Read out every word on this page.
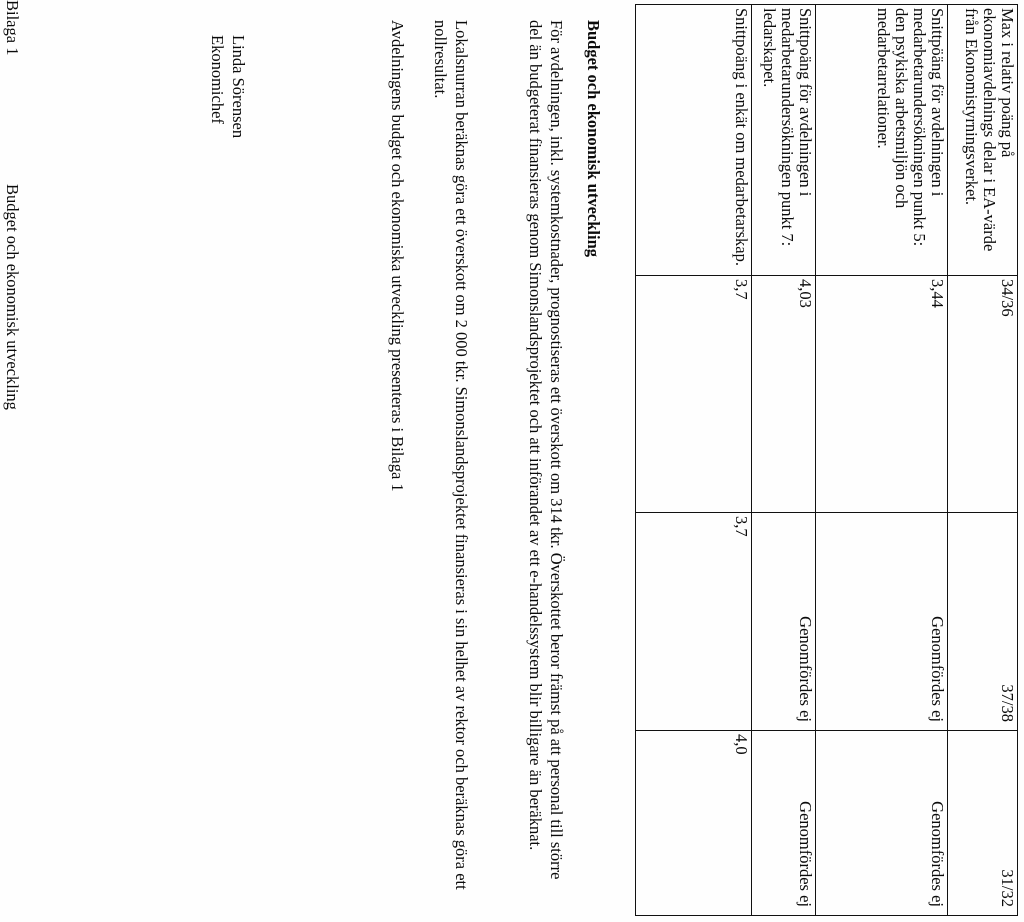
Max i relativ poäng på ekonomiavdelnings delar i EA-värde från Ekonomistyrningsverket.	34/36	37/38	31/32
Snittpöäng för avdelningen i medarbetarundersökningen punkt 5: den psykiska arbetsmiljön och medarbetarrelationer.	3,44	Genomfördes ej	Genomfördes ej
Snittpoäng för avdelningen i medarbetarundersökningen punkt 7: ledarskapet.	4,03	Genomfördes ej	Genomfördes ej
Snittpoäng i enkät om medarbetarskap.	3,7	3,7	4,0
Budget och ekonomisk utveckling
För avdelningen, inkl. systemkostnader, prognostiseras ett överskott om 314 tkr. Överskottet beror främst på att personal till större del än budgeterat finansieras genom Simonslandsprojektet och att införandet av ett e-handelssystem blir billigare än beräknat.
Lokalsnurran beräknas göra ett överskott om 2 000 tkr. Simonslandsprojektet finansieras i sin helhet av rektor och beräknas göra ett nollresultat.
Avdelningens budget och ekonomiska utveckling presenteras i Bilaga 1
Linda Sörensen
Ekonomichef
Bilaga 1
Budget och ekonomisk utveckling
